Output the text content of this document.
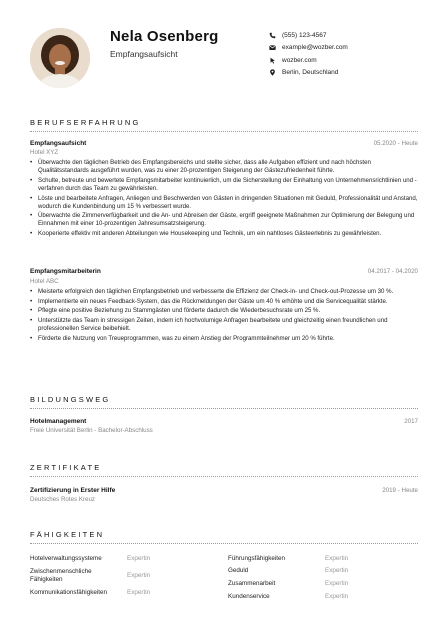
Nela Osenberg
Empfangsaufsicht
(555) 123-4567
example@wozber.com
wozber.com
Berlin, Deutschland
BERUFSERFAHRUNG
Empfangsaufsicht	05.2020 - Heute
Hotel XYZ
• Überwachte den täglichen Betrieb des Empfangsbereichs und stellte sicher, dass alle Aufgaben effizient und nach höchsten Qualitätsstandards ausgeführt wurden, was zu einer 20-prozentigen Steigerung der Gästezufriedenheit führte.
• Schulte, betreute und bewertete Empfangsmitarbeiter kontinuierlich, um die Sicherstellung der Einhaltung von Unternehmensrichtlinien und -verfahren durch das Team zu gewährleisten.
• Löste und bearbeitete Anfragen, Anliegen und Beschwerden von Gästen in dringenden Situationen mit Geduld, Professionalität und Anstand, wodurch die Kundenbindung um 15 % verbessert wurde.
• Überwachte die Zimmerverfügbarkeit und die An- und Abreisen der Gäste, ergriff geeignete Maßnahmen zur Optimierung der Belegung und Einnahmen mit einer 10-prozentigen Jahresumsatzsteigerung.
• Kooperierte effektiv mit anderen Abteilungen wie Housekeeping und Technik, um ein nahtloses Gästeerlebnis zu gewährleisten.
Empfangsmitarbeiterin	04.2017 - 04.2020
Hotel ABC
• Meisterte erfolgreich den täglichen Empfangsbetrieb und verbesserte die Effizienz der Check-in- und Check-out-Prozesse um 30 %.
• Implementierte ein neues Feedback-System, das die Rückmeldungen der Gäste um 40 % erhöhte und die Servicequalität stärkte.
• Pflegte eine positive Beziehung zu Stammgästen und förderte dadurch die Wiederbesuchsrate um 25 %.
• Unterstützte das Team in stressigen Zeiten, indem ich hochvolumige Anfragen bearbeitete und gleichzeitig einen freundlichen und professionellen Service beibehielt.
• Förderte die Nutzung von Treueprogrammen, was zu einem Anstieg der Programmteilnehmer um 20 % führte.
BILDUNGSWEG
Hotelmanagement	2017
Freie Universität Berlin - Bachelor-Abschluss
ZERTIFIKATE
Zertifizierung in Erster Hilfe	2019 - Heute
Deutsches Rotes Kreuz
FÄHIGKEITEN
Hotelverwaltungssysteme	Expertin
Zwischenmenschliche Fähigkeiten
Expertin
Kommunikationsfähigkeiten	Expertin
Führungsfähigkeiten	Expertin
Geduld	Expertin
Zusammenarbeit	Expertin
Kundenservice	Expertin
